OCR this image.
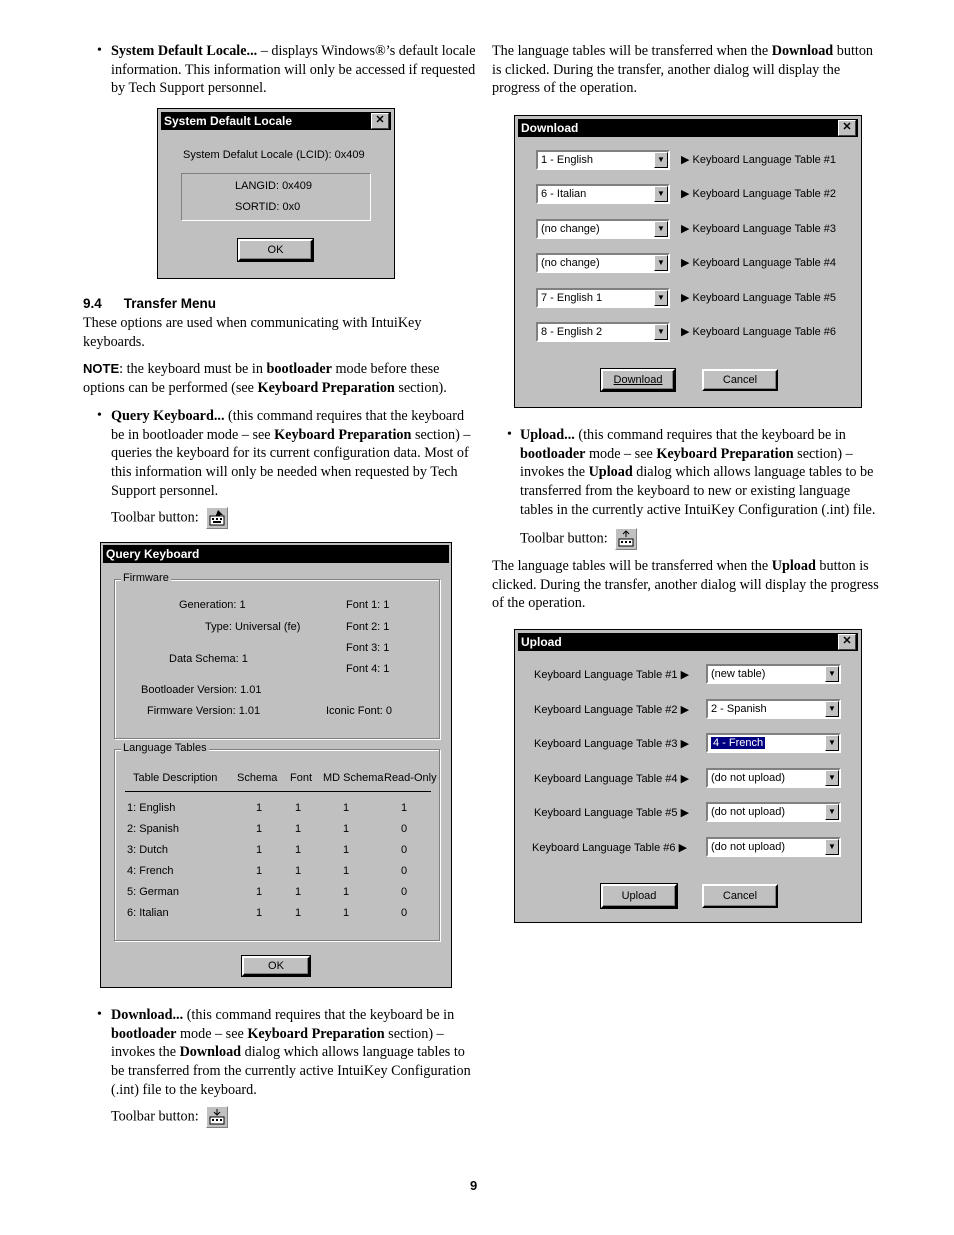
• System Default Locale... – displays Windows®’s default locale information. This information will only be accessed if requested by Tech Support personnel.
System Default Locale	✕
System Defalut Locale (LCID): 0x409
LANGID: 0x409
SORTID: 0x0
OK
9.4 Transfer Menu
These options are used when communicating with IntuiKey keyboards.
NOTE: the keyboard must be in bootloader mode before these options can be performed (see Keyboard Preparation section).
• Query Keyboard... (this command requires that the keyboard be in bootloader mode – see Keyboard Preparation section) – queries the keyboard for its current configuration data. Most of this information will only be needed when requested by Tech Support personnel.
Toolbar button:
Query Keyboard
Firmware
Generation: 1
Type: Universal (fe)
Data Schema: 1
Bootloader Version: 1.01
Firmware Version: 1.01
Font 1: 1
Font 2: 1
Font 3: 1
Font 4: 1
Iconic Font: 0
Language Tables
Table Description Schema Font MD Schema Read-Only
1: English	1	1	1	1
2: Spanish	1	1	1	0
3: Dutch	1	1	1	0
4: French	1	1	1	0
5: German	1	1	1	0
6: Italian	1	1	1	0
OK
• Download... (this command requires that the keyboard be in bootloader mode – see Keyboard Preparation section) – invokes the Download dialog which allows language tables to be transferred from the currently active IntuiKey Configuration (.int) file to the keyboard.
Toolbar button:
The language tables will be transferred when the Download button is clicked. During the transfer, another dialog will display the progress of the operation.
Download	✕
1 - English	▼ ▶ Keyboard Language Table #1
6 - Italian	▼ ▶ Keyboard Language Table #2
(no change)	▼ ▶ Keyboard Language Table #3
(no change)	▼ ▶ Keyboard Language Table #4
7 - English 1	▼ ▶ Keyboard Language Table #5
8 - English 2	▼ ▶ Keyboard Language Table #6
Download	Cancel
• Upload... (this command requires that the keyboard be in bootloader mode – see Keyboard Preparation section) – invokes the Upload dialog which allows language tables to be transferred from the keyboard to new or existing language tables in the currently active IntuiKey Configuration (.int) file.
Toolbar button:
The language tables will be transferred when the Upload button is clicked. During the transfer, another dialog will display the progress of the operation.
Upload	✕
Keyboard Language Table #1 ▶	(new table)	▼
Keyboard Language Table #2 ▶	2 - Spanish	▼
Keyboard Language Table #3 ▶	4 - French	▼
Keyboard Language Table #4 ▶	(do not upload)	▼
Keyboard Language Table #5 ▶	(do not upload)	▼
Keyboard Language Table #6 ▶	(do not upload)	▼
Upload	Cancel
9
